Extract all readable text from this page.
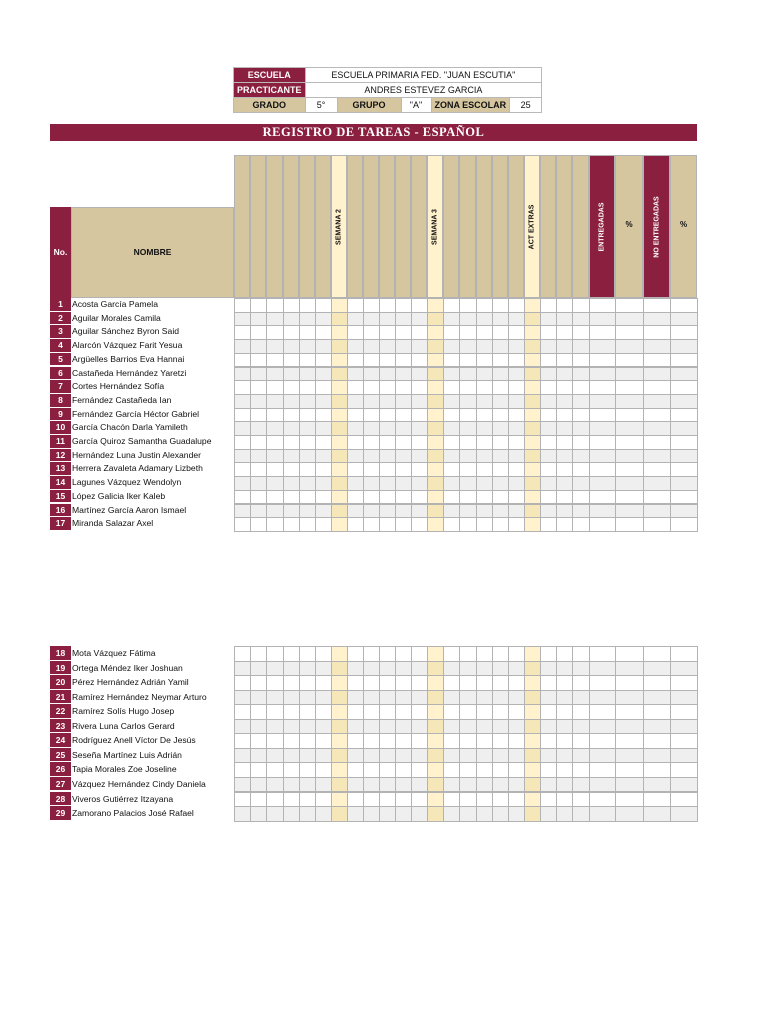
ESCUELA	ESCUELA PRIMARIA FED. "JUAN ESCUTIA"				
PRACTICANTE	ANDRES ESTEVEZ GARCIA				
GRADO	5°	GRUPO	"A"	ZONA ESCOLAR	25
REGISTRO DE TAREAS - ESPAÑOL
No.	NOMBRE
SEMANA 2	SEMANA 3	ACT EXTRAS	ENTREGADAS	%	NO ENTREGADAS	%
1	Acosta García Pamela
2	Aguilar Morales Camila
3	Aguilar Sánchez Byron Said
4	Alarcón Vázquez Farit Yesua
5	Argüelles Barrios Eva Hannai
6	Castañeda Hernández Yaretzi
7	Cortes Hernández Sofía
8	Fernández Castañeda Ian
9	Fernández García Héctor Gabriel
10 García Chacón Darla Yamileth
11 García Quiroz Samantha Guadalupe
12 Hernández Luna Justin Alexander
13 Herrera Zavaleta Adamary Lizbeth
14 Lagunes Vázquez Wendolyn
15 López Galicia Iker Kaleb
16 Martínez García Aaron Ismael
17 Miranda Salazar Axel
18 Mota Vázquez Fátima
19 Ortega Méndez Iker Joshuan
20 Pérez Hernández Adrián Yamil
21 Ramírez Hernández Neymar Arturo
22 Ramírez Solís Hugo Josep
23 Rivera Luna Carlos Gerard
24 Rodríguez Anell Víctor De Jesús
25 Seseña Martínez Luis Adrián
26 Tapia Morales Zoe Joseline
27 Vázquez Hernández Cindy Daniela
28 Viveros Gutiérrez Itzayana
29 Zamorano Palacios José Rafael
